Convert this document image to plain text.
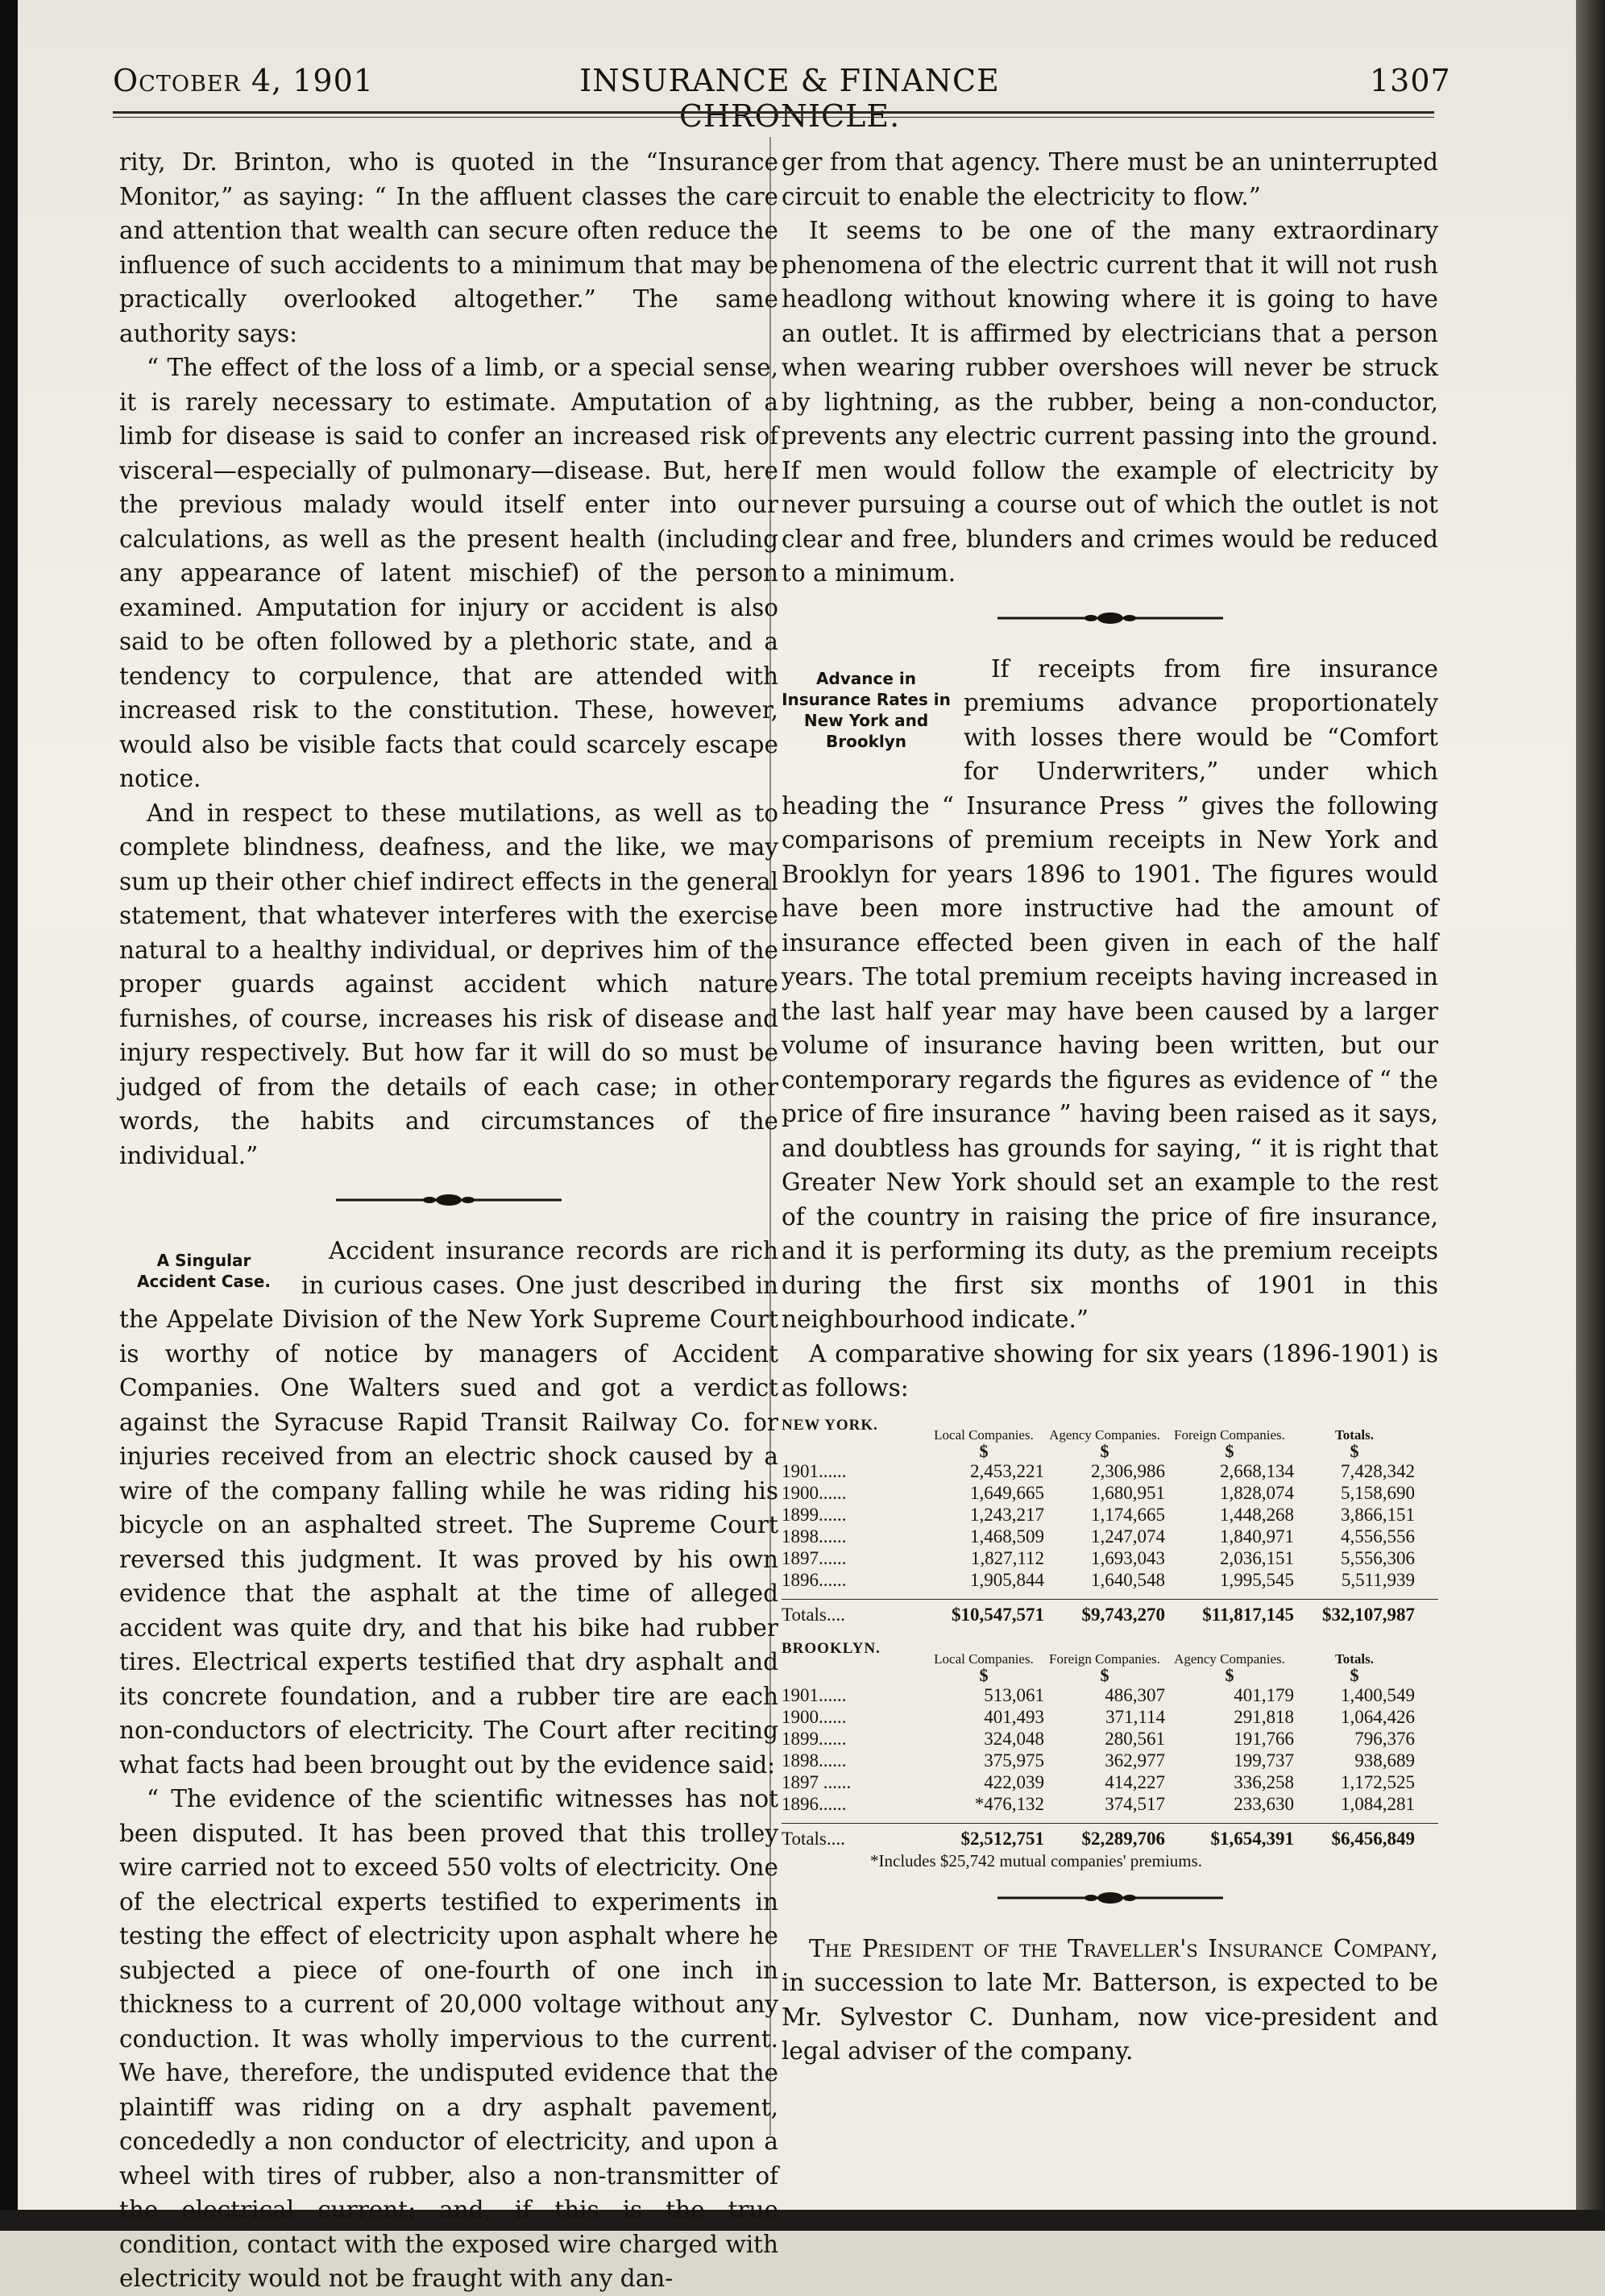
October 4, 1901	INSURANCE & FINANCE CHRONICLE.
1307

rity, Dr. Brinton, who is quoted in the “Insurance Monitor,” as saying: “ In the affluent classes the care and attention that wealth can secure often reduce the influence of such accidents to a minimum that may be practically overlooked altogether.” The same authority says:

“ The effect of the loss of a limb, or a special sense, it is rarely necessary to estimate. Amputation of a limb for disease is said to confer an increased risk of visceral—especially of pulmonary—disease. But, here the previous malady would itself enter into our calculations, as well as the present health (including any appearance of latent mischief) of the person examined. Amputation for injury or accident is also said to be often followed by a plethoric state, and a tendency to corpulence, that are attended with increased risk to the constitution. These, however, would also be visible facts that could scarcely escape notice.

And in respect to these mutilations, as well as to complete blindness, deafness, and the like, we may sum up their other chief indirect effects in the general statement, that whatever interferes with the exercise natural to a healthy individual, or deprives him of the proper guards against accident which nature furnishes, of course, increases his risk of disease and injury respectively. But how far it will do so must be judged of from the details of each case; in other words, the habits and circumstances of the individual.”

A Singular Accident Case.

Accident insurance records are rich in curious cases. One just described in the Appelate Division of the New York Supreme Court is worthy of notice by managers of Accident Companies. One Walters sued and got a verdict against the Syracuse Rapid Transit Railway Co. for injuries received from an electric shock caused by a wire of the company falling while he was riding his bicycle on an asphalted street. The Supreme Court reversed this judgment. It was proved by his own evidence that the asphalt at the time of alleged accident was quite dry, and that his bike had rubber tires. Electrical experts testified that dry asphalt and its concrete foundation, and a rubber tire are each non-conductors of electricity. The Court after reciting what facts had been brought out by the evidence said:

“ The evidence of the scientific witnesses has not been disputed. It has been proved that this trolley wire carried not to exceed 550 volts of electricity. One of the electrical experts testified to experiments in testing the effect of electricity upon asphalt where he subjected a piece of one-fourth of one inch in thickness to a current of 20,000 voltage without any conduction. It was wholly impervious to the current. We have, therefore, the undisputed evidence that the plaintiff was riding on a dry asphalt pavement, concededly a non conductor of electricity, and upon a wheel with tires of rubber, also a non-transmitter of the electrical current; and, if this is the true condition, contact with the exposed wire charged with electricity would not be fraught with any dan-

ger from that agency. There must be an uninterrupted circuit to enable the electricity to flow.”

It seems to be one of the many extraordinary phenomena of the electric current that it will not rush headlong without knowing where it is going to have an outlet. It is affirmed by electricians that a person when wearing rubber overshoes will never be struck by lightning, as the rubber, being a non-conductor, prevents any electric current passing into the ground. If men would follow the example of electricity by never pursuing a course out of which the outlet is not clear and free, blunders and crimes would be reduced to a minimum.

Advance in Insurance Rates in New York and Brooklyn

If receipts from fire insurance premiums advance proportionately with losses there would be “Comfort for Underwriters,” under which heading the “ Insurance Press ” gives the following comparisons of premium receipts in New York and Brooklyn for years 1896 to 1901. The figures would have been more instructive had the amount of insurance effected been given in each of the half years. The total premium receipts having increased in the last half year may have been caused by a larger volume of insurance having been written, but our contemporary regards the figures as evidence of “ the price of fire insurance ” having been raised as it says, and doubtless has grounds for saying, “ it is right that Greater New York should set an example to the rest of the country in raising the price of fire insurance, and it is performing its duty, as the premium receipts during the first six months of 1901 in this neighbourhood indicate.”

A comparative showing for six years (1896-1901) is as follows:

NEW YORK.
Local Companies.	Agency Companies.	Foreign Companies.	Totals.
$	$	$	$
1901......	2,453,221	2,306,986	2,668,134	7,428,342
1900......	1,649,665	1,680,951	1,828,074	5,158,690
1899......	1,243,217	1,174,665	1,448,268	3,866,151
1898......	1,468,509	1,247,074	1,840,971	4,556,556
1897......	1,827,112	1,693,043	2,036,151	5,556,306
1896......	1,905,844	1,640,548	1,995,545	5,511,939
Totals....	$10,547,571	$9,743,270	$11,817,145	$32,107,987
BROOKLYN.
Local Companies.	Foreign Companies.	Agency Companies.	Totals.
$	$	$	$
1901......	513,061	486,307	401,179	1,400,549
1900......	401,493	371,114	291,818	1,064,426
1899......	324,048	280,561	191,766	796,376
1898......	375,975	362,977	199,737	938,689
1897 ......	422,039	414,227	336,258	1,172,525
1896......	*476,132	374,517	233,630	1,084,281
Totals....	$2,512,751	$2,289,706	$1,654,391	$6,456,849
*Includes $25,742 mutual companies' premiums.

The President of the Traveller's Insurance Company, in succession to late Mr. Batterson, is expected to be Mr. Sylvestor C. Dunham, now vice-president and legal adviser of the company.
